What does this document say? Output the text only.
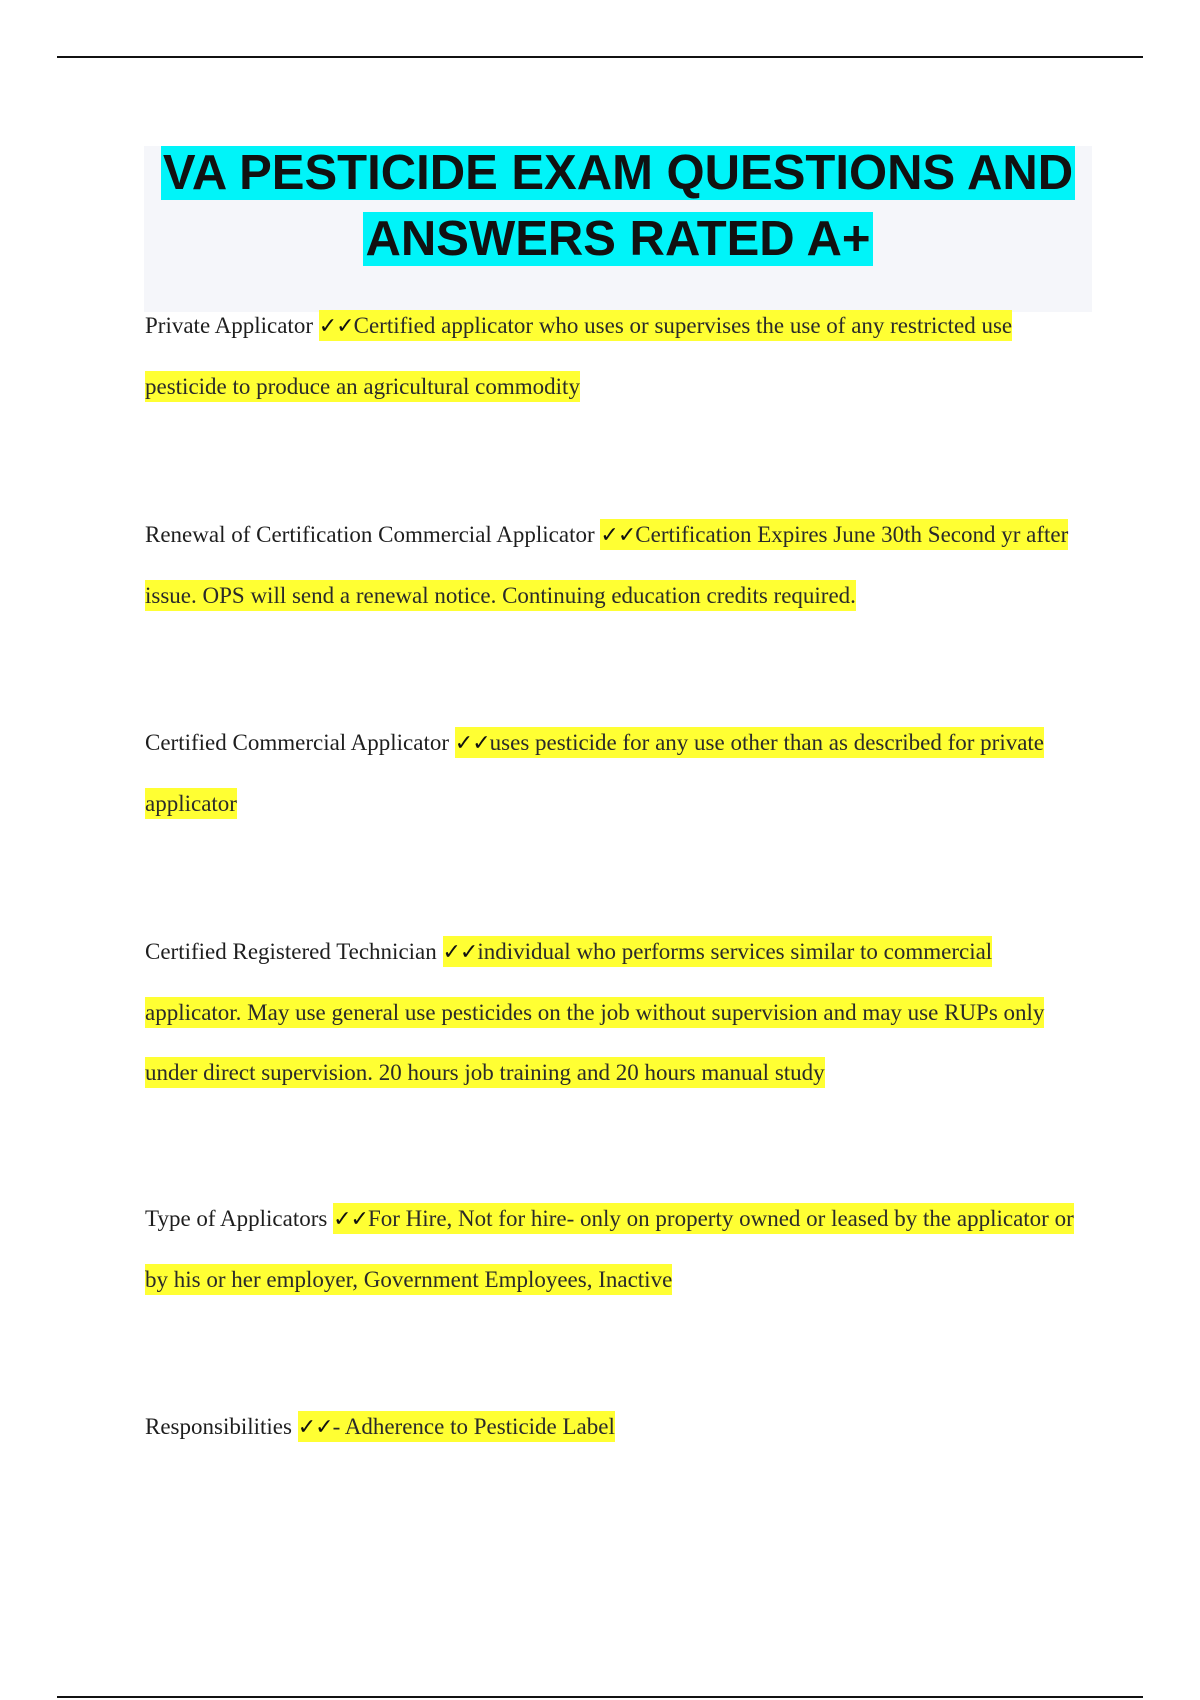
VA PESTICIDE EXAM QUESTIONS AND ANSWERS RATED A+
Private Applicator ✓✓Certified applicator who uses or supervises the use of any restricted use pesticide to produce an agricultural commodity
Renewal of Certification Commercial Applicator ✓✓Certification Expires June 30th Second yr after issue. OPS will send a renewal notice. Continuing education credits required.
Certified Commercial Applicator ✓✓uses pesticide for any use other than as described for private applicator
Certified Registered Technician ✓✓individual who performs services similar to commercial applicator. May use general use pesticides on the job without supervision and may use RUPs only under direct supervision. 20 hours job training and 20 hours manual study
Type of Applicators ✓✓For Hire, Not for hire- only on property owned or leased by the applicator or by his or her employer, Government Employees, Inactive
Responsibilities ✓✓- Adherence to Pesticide Label
